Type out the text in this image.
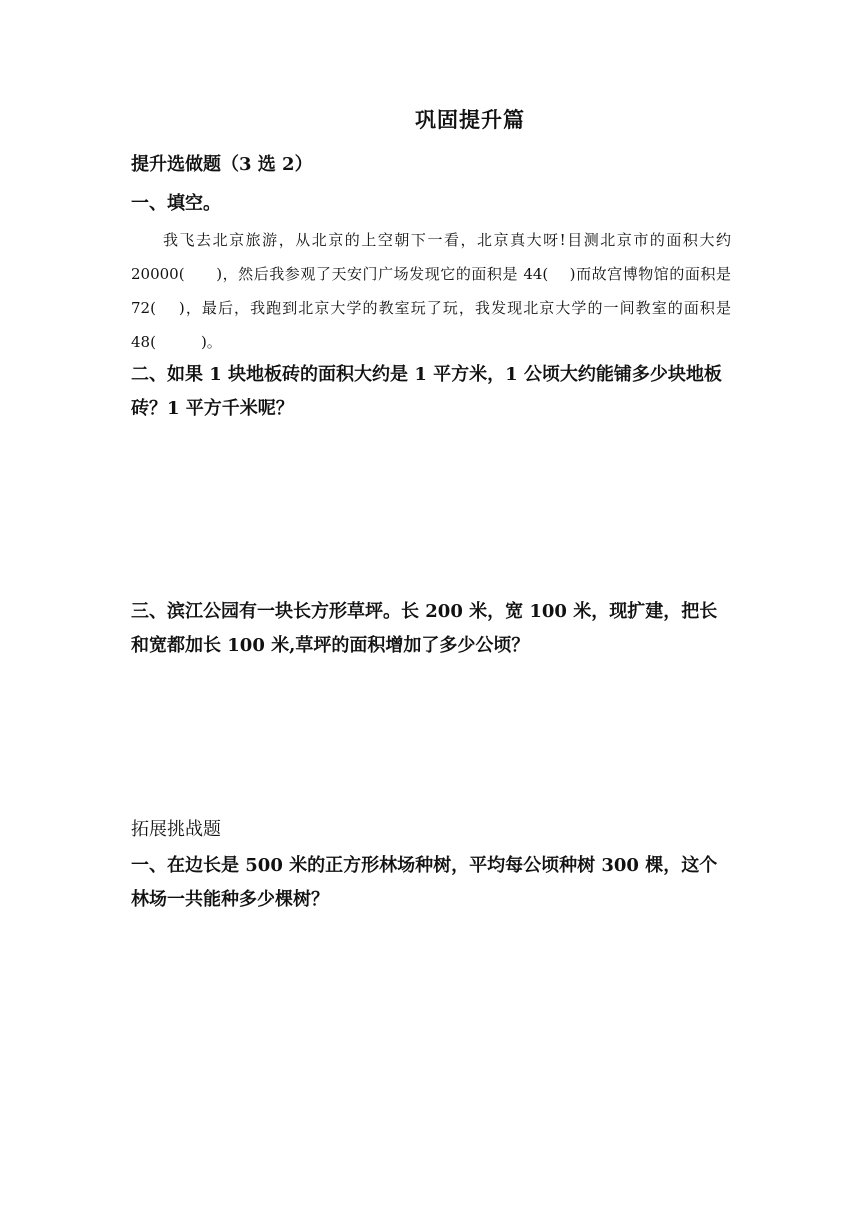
巩固提升篇
提升选做题（3 选 2）
一、填空。
我飞去北京旅游，从北京的上空朝下一看，北京真大呀!目测北京市的面积大约 20000(　　)，然后我参观了天安门广场发现它的面积是 44(　 )而故宫博物馆的面积是 72(　 )，最后，我跑到北京大学的教室玩了玩，我发现北京大学的一间教室的面积是 48(　　　)。
二、如果 1 块地板砖的面积大约是 1 平方米，1 公顷大约能铺多少块地板砖？1 平方千米呢？
三、滨江公园有一块长方形草坪。长 200 米，宽 100 米，现扩建，把长和宽都加长 100 米,草坪的面积增加了多少公顷？
拓展挑战题
一、在边长是 500 米的正方形林场种树，平均每公顷种树 300 棵，这个林场一共能种多少棵树？
